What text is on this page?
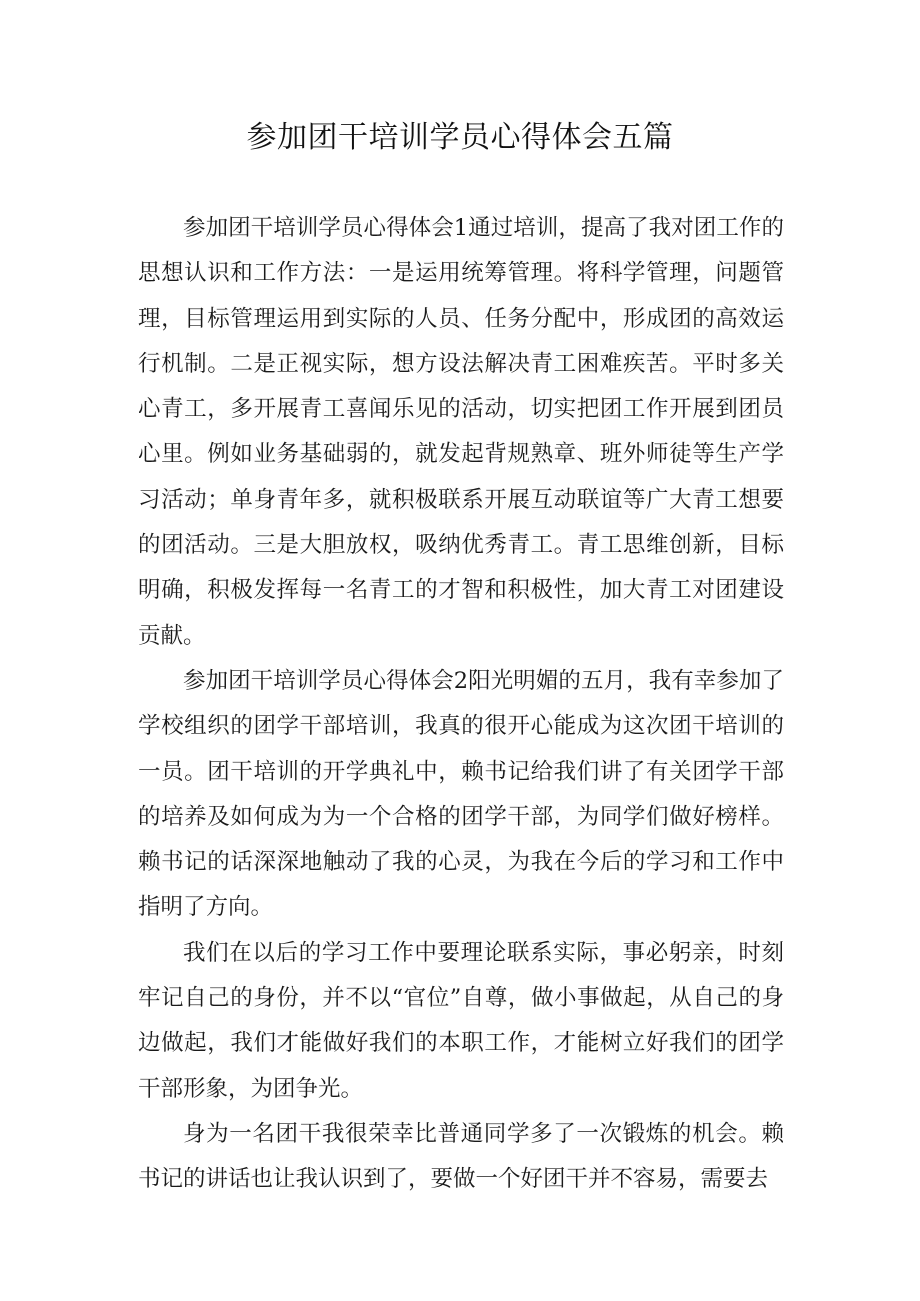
参加团干培训学员心得体会五篇

参加团干培训学员心得体会1通过培训，提高了我对团工作的思想认识和工作方法：一是运用统筹管理。将科学管理，问题管理，目标管理运用到实际的人员、任务分配中，形成团的高效运行机制。二是正视实际，想方设法解决青工困难疾苦。平时多关心青工，多开展青工喜闻乐见的活动，切实把团工作开展到团员心里。例如业务基础弱的，就发起背规熟章、班外师徒等生产学习活动；单身青年多，就积极联系开展互动联谊等广大青工想要的团活动。三是大胆放权，吸纳优秀青工。青工思维创新，目标明确，积极发挥每一名青工的才智和积极性，加大青工对团建设贡献。

参加团干培训学员心得体会2阳光明媚的五月，我有幸参加了学校组织的团学干部培训，我真的很开心能成为这次团干培训的一员。团干培训的开学典礼中，赖书记给我们讲了有关团学干部的培养及如何成为为一个合格的团学干部，为同学们做好榜样。赖书记的话深深地触动了我的心灵，为我在今后的学习和工作中指明了方向。

我们在以后的学习工作中要理论联系实际，事必躬亲，时刻牢记自己的身份，并不以“官位”自尊，做小事做起，从自己的身边做起，我们才能做好我们的本职工作，才能树立好我们的团学干部形象，为团争光。

身为一名团干我很荣幸比普通同学多了一次锻炼的机会。赖书记的讲话也让我认识到了，要做一个好团干并不容易，需要去
